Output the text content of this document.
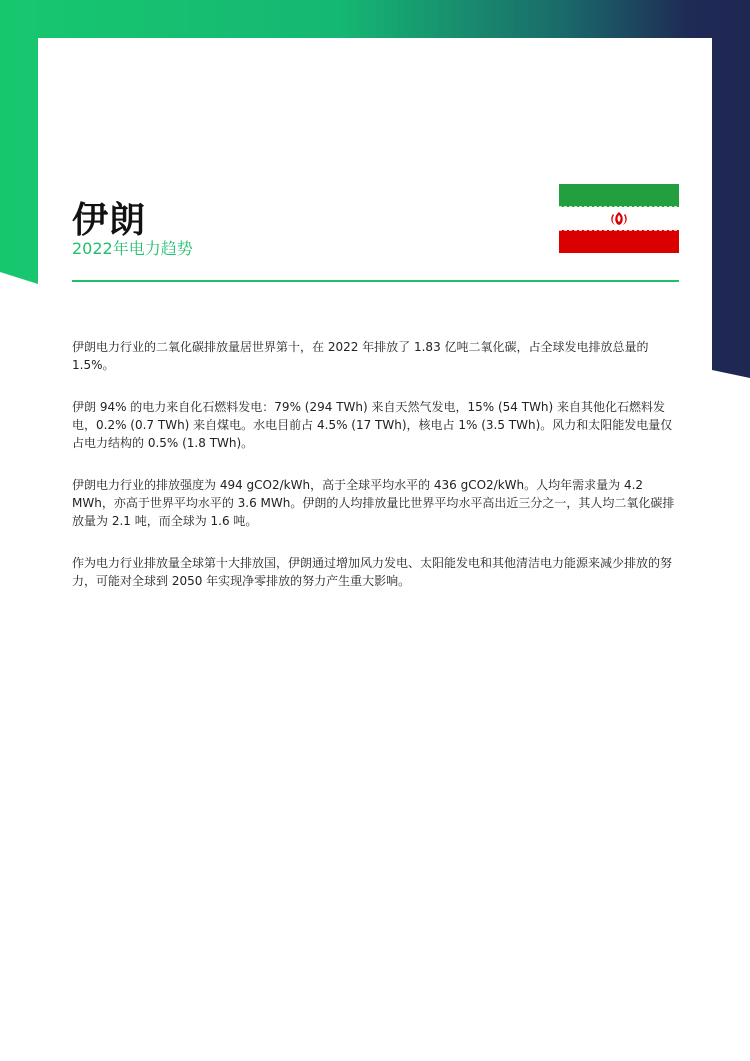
伊朗
2022年电力趋势

伊朗电力行业的二氧化碳排放量居世界第十，在 2022 年排放了 1.83 亿吨二氧化碳，占全球发电排放总量的 1.5%。

伊朗 94% 的电力来自化石燃料发电：79% (294 TWh) 来自天然气发电，15% (54 TWh) 来自其他化石燃料发电，0.2% (0.7 TWh) 来自煤电。水电目前占 4.5% (17 TWh)，核电占 1% (3.5 TWh)。风力和太阳能发电量仅占电力结构的 0.5% (1.8 TWh)。

伊朗电力行业的排放强度为 494 gCO2/kWh，高于全球平均水平的 436 gCO2/kWh。人均年需求量为 4.2 MWh，亦高于世界平均水平的 3.6 MWh。伊朗的人均排放量比世界平均水平高出近三分之一，其人均二氧化碳排放量为 2.1 吨，而全球为 1.6 吨。

作为电力行业排放量全球第十大排放国，伊朗通过增加风力发电、太阳能发电和其他清洁电力能源来减少排放的努力，可能对全球到 2050 年实现净零排放的努力产生重大影响。
